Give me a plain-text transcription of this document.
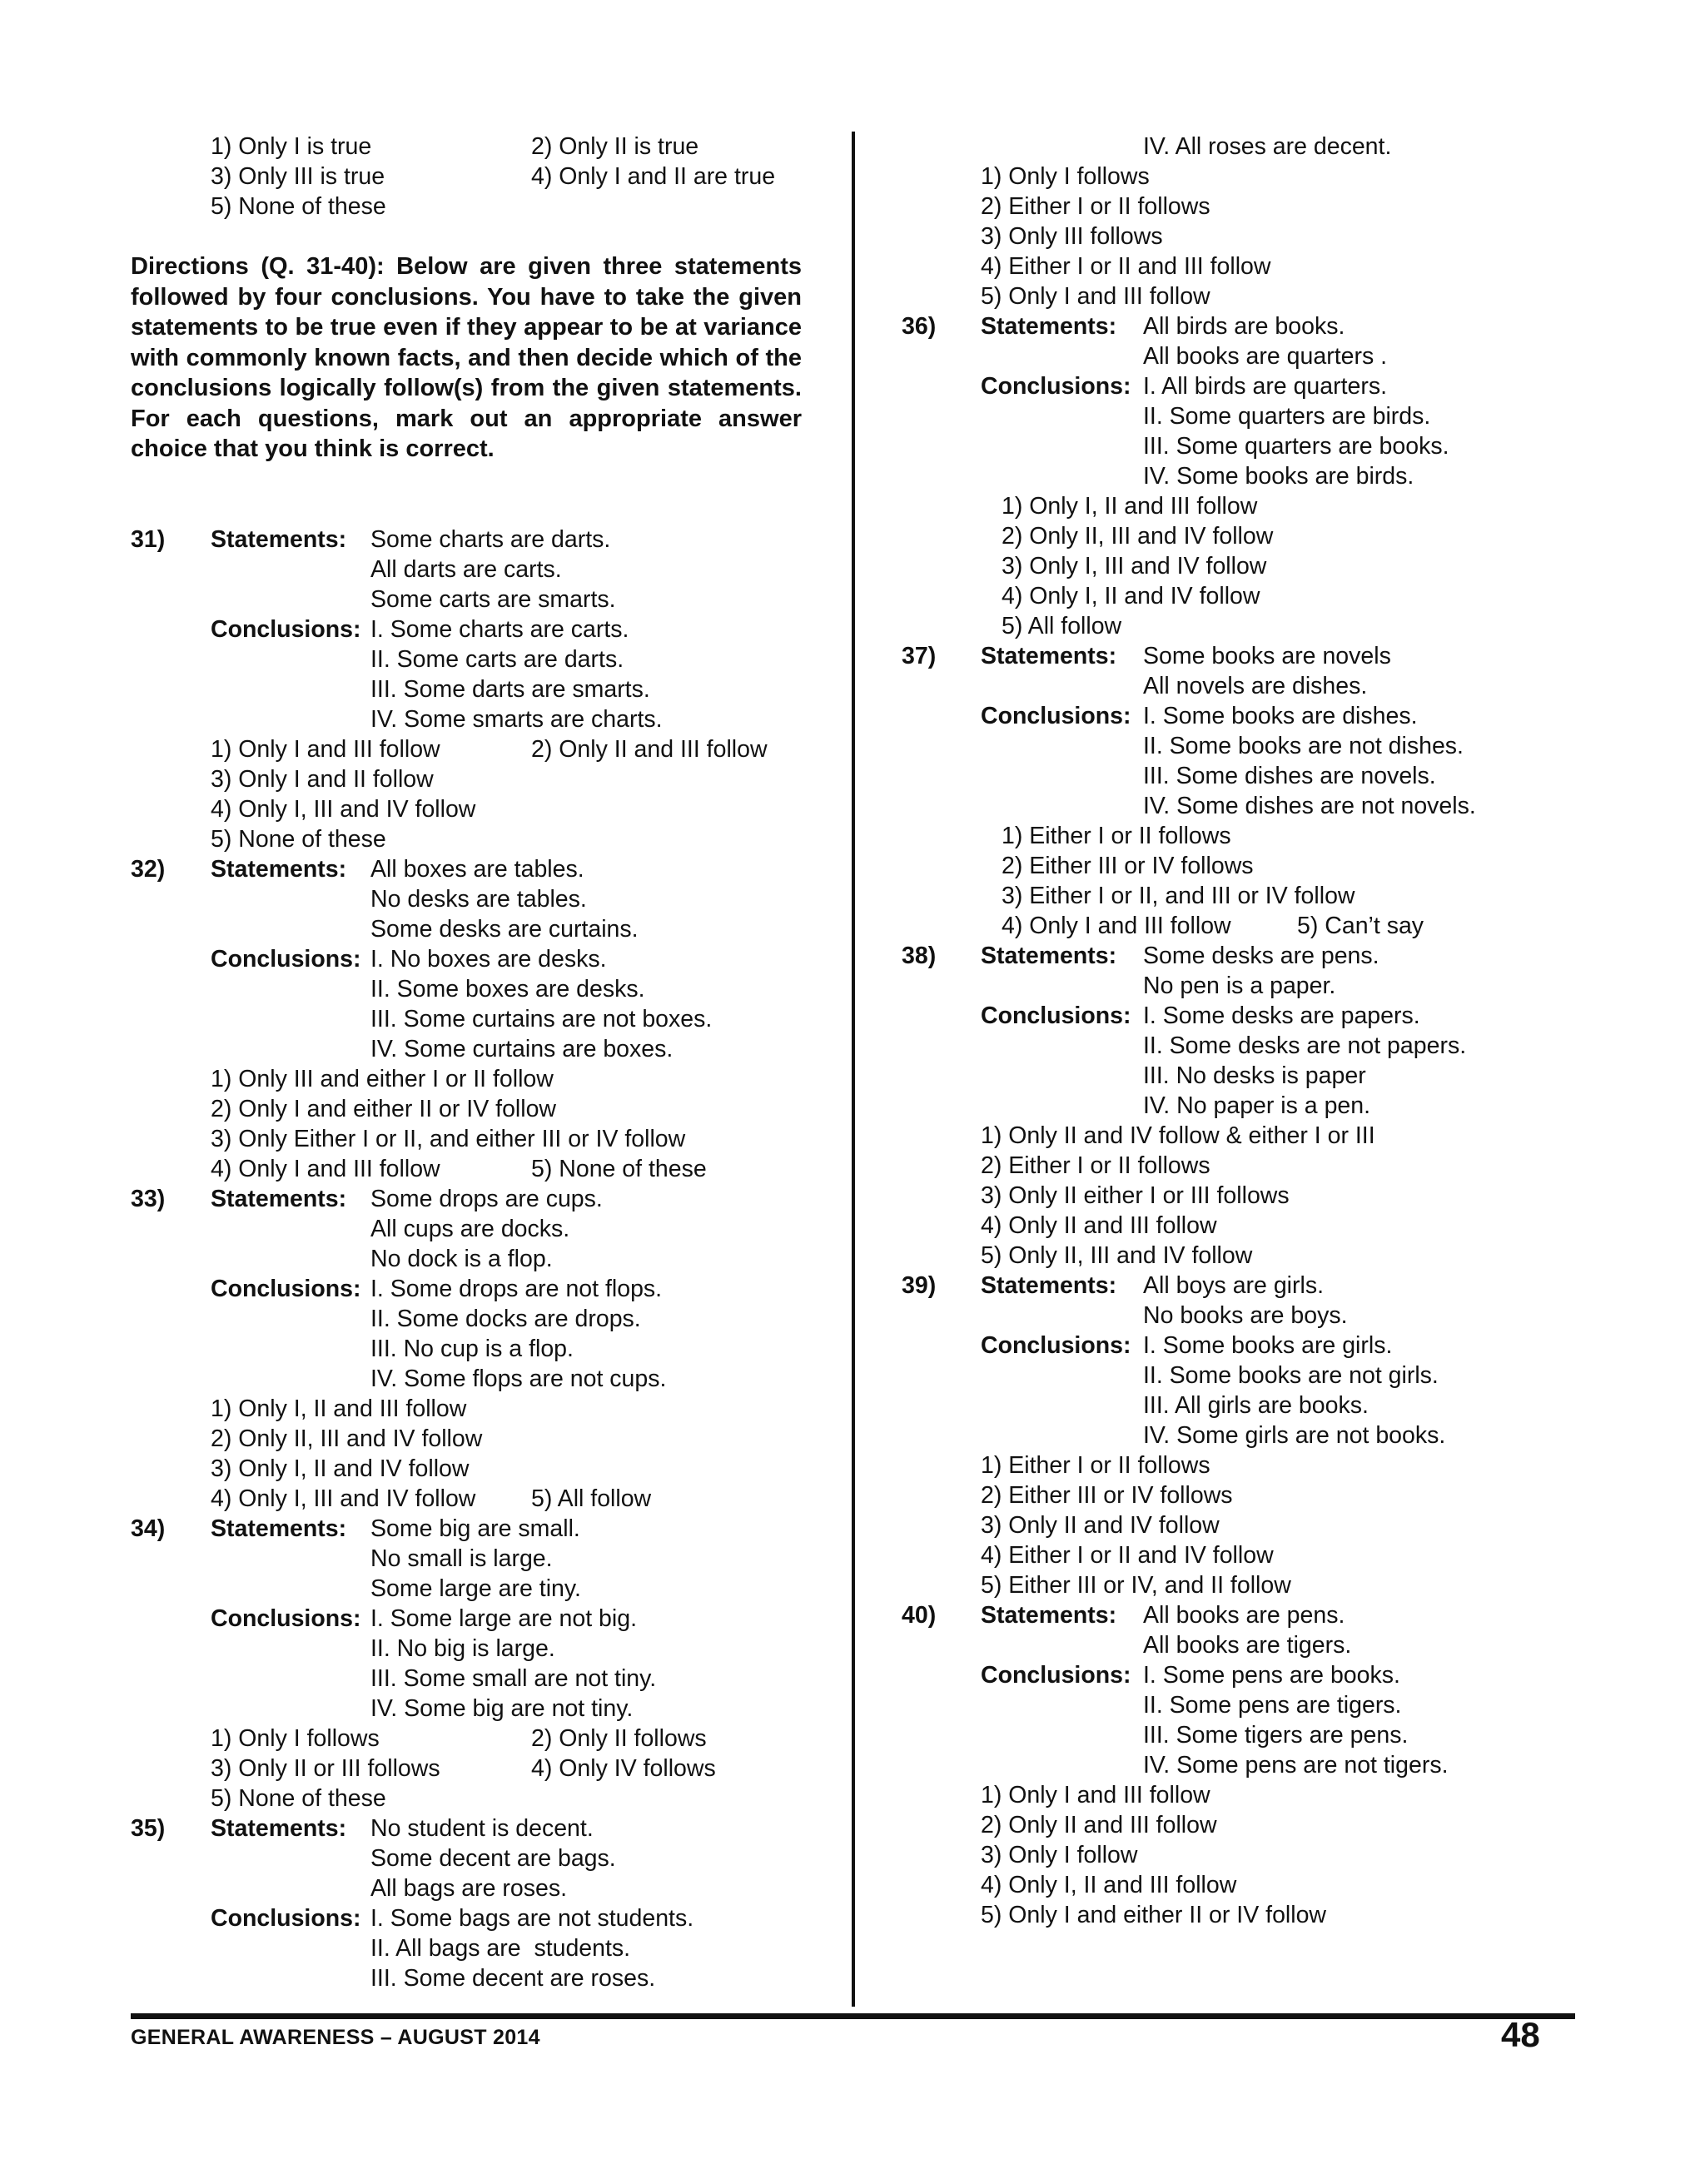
1) Only I is true	2) Only II is true
3) Only III is true	4) Only I and II are true
5) None of these
Directions (Q. 31-40): Below are given three statements followed by four conclusions. You have to take the given statements to be true even if they appear to be at variance with commonly known facts, and then decide which of the conclusions logically follow(s) from the given statements. For each questions, mark out an appropriate answer choice that you think is correct.
31) Statements: Some charts are darts.
All darts are carts.
Some carts are smarts.
Conclusions: I. Some charts are carts.
II. Some carts are darts.
III. Some darts are smarts.
IV. Some smarts are charts.
1) Only I and III follow	2) Only II and III follow
3) Only I and II follow
4) Only I, III and IV follow
5) None of these
32) Statements: All boxes are tables.
No desks are tables.
Some desks are curtains.
Conclusions: I. No boxes are desks.
II. Some boxes are desks.
III. Some curtains are not boxes.
IV. Some curtains are boxes.
1) Only III and either I or II follow
2) Only I and either II or IV follow
3) Only Either I or II, and either III or IV follow
4) Only I and III follow	5) None of these
33) Statements: Some drops are cups.
All cups are docks.
No dock is a flop.
Conclusions: I. Some drops are not flops.
II. Some docks are drops.
III. No cup is a flop.
IV. Some flops are not cups.
1) Only I, II and III follow
2) Only II, III and IV follow
3) Only I, II and IV follow
4) Only I, III and IV follow 5) All follow
34) Statements: Some big are small.
No small is large.
Some large are tiny.
Conclusions: I. Some large are not big.
II. No big is large.
III. Some small are not tiny.
IV. Some big are not tiny.
1) Only I follows	2) Only II follows
3) Only II or III follows	4) Only IV follows
5) None of these
35) Statements: No student is decent.
Some decent are bags.
All bags are roses.
Conclusions: I. Some bags are not students.
II. All bags are  students.
III. Some decent are roses.
IV. All roses are decent.
1) Only I follows
2) Either I or II follows
3) Only III follows
4) Either I or II and III follow
5) Only I and III follow
36) Statements: All birds are books.
All books are quarters .
Conclusions: I. All birds are quarters.
II. Some quarters are birds.
III. Some quarters are books.
IV. Some books are birds.
1) Only I, II and III follow
2) Only II, III and IV follow
3) Only I, III and IV follow
4) Only I, II and IV follow
5) All follow
37) Statements: Some books are novels
All novels are dishes.
Conclusions: I. Some books are dishes.
II. Some books are not dishes.
III. Some dishes are novels.
IV. Some dishes are not novels.
1) Either I or II follows
2) Either III or IV follows
3) Either I or II, and III or IV follow
4) Only I and III follow	5) Can’t say
38) Statements: Some desks are pens.
No pen is a paper.
Conclusions: I. Some desks are papers.
II. Some desks are not papers.
III. No desks is paper
IV. No paper is a pen.
1) Only II and IV follow & either I or III
2) Either I or II follows
3) Only II either I or III follows
4) Only II and III follow
5) Only II, III and IV follow
39) Statements: All boys are girls.
No books are boys.
Conclusions: I. Some books are girls.
II. Some books are not girls.
III. All girls are books.
IV. Some girls are not books.
1) Either I or II follows
2) Either III or IV follows
3) Only II and IV follow
4) Either I or II and IV follow
5) Either III or IV, and II follow
40) Statements: All books are pens.
All books are tigers.
Conclusions: I. Some pens are books.
II. Some pens are tigers.
III. Some tigers are pens.
IV. Some pens are not tigers.
1) Only I and III follow
2) Only II and III follow
3) Only I follow
4) Only I, II and III follow
5) Only I and either II or IV follow
GENERAL AWARENESS – AUGUST 2014	48
